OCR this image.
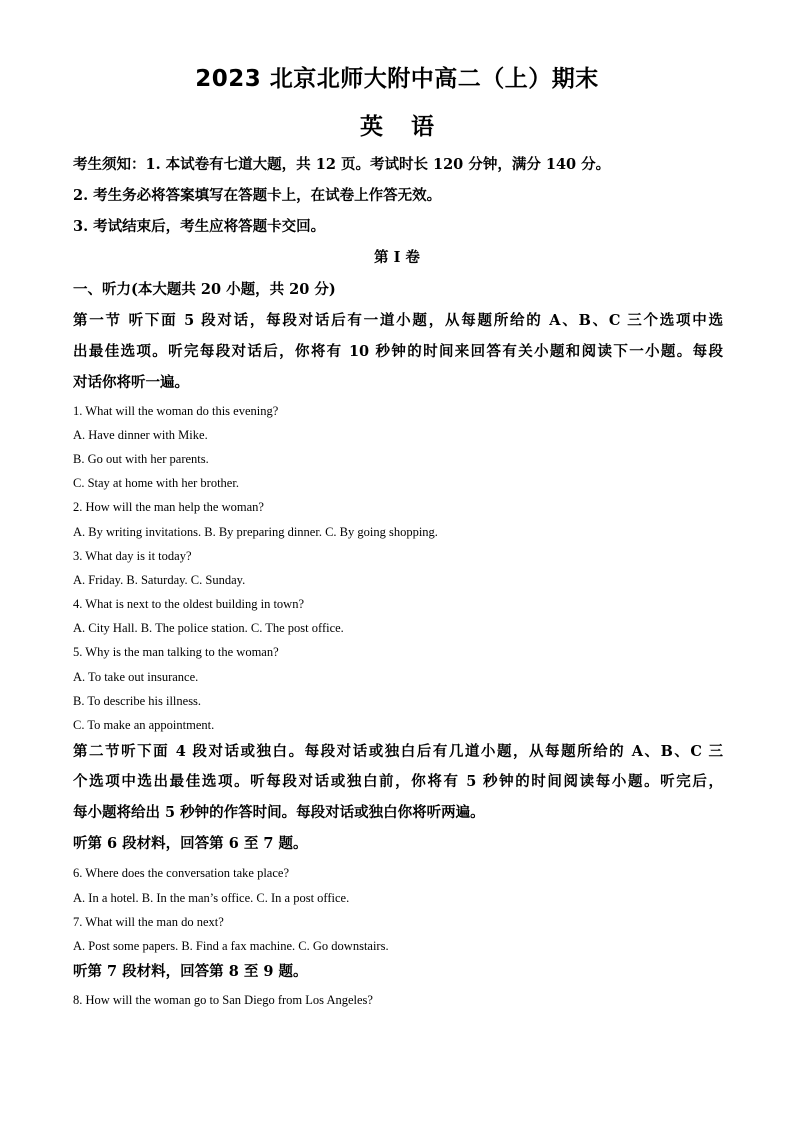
2023 北京北师大附中高二（上）期末
英语
考生须知：1. 本试卷有七道大题，共 12 页。考试时长 120 分钟，满分 140 分。
2. 考生务必将答案填写在答题卡上，在试卷上作答无效。
3. 考试结束后，考生应将答题卡交回。
第 I 卷
一、听力(本大题共 20 小题，共 20 分)
第一节 听下面 5 段对话，每段对话后有一道小题，从每题所给的 A、B、C 三个选项中选
出最佳选项。听完每段对话后，你将有 10 秒钟的时间来回答有关小题和阅读下一小题。每段
对话你将听一遍。
1. What will the woman do this evening?
A. Have dinner with Mike.
B. Go out with her parents.
C. Stay at home with her brother.
2. How will the man help the woman?
A. By writing invitations. B. By preparing dinner. C. By going shopping.
3. What day is it today?
A. Friday. B. Saturday. C. Sunday.
4. What is next to the oldest building in town?
A. City Hall. B. The police station. C. The post office.
5. Why is the man talking to the woman?
A. To take out insurance.
B. To describe his illness.
C. To make an appointment.
第二节听下面 4 段对话或独白。每段对话或独白后有几道小题，从每题所给的 A、B、C 三
个选项中选出最佳选项。听每段对话或独白前，你将有 5 秒钟的时间阅读每小题。听完后，
每小题将给出 5 秒钟的作答时间。每段对话或独白你将听两遍。
听第 6 段材料，回答第 6 至 7 题。
6. Where does the conversation take place?
A. In a hotel. B. In the man’s office. C. In a post office.
7. What will the man do next?
A. Post some papers. B. Find a fax machine. C. Go downstairs.
听第 7 段材料，回答第 8 至 9 题。
8. How will the woman go to San Diego from Los Angeles?
